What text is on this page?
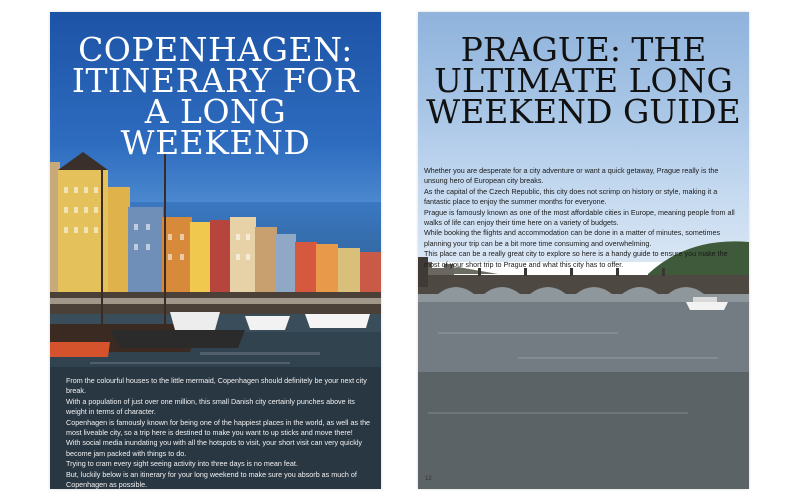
COPENHAGEN: ITINERARY FOR A LONG WEEKEND

From the colourful houses to the little mermaid, Copenhagen should definitely be your next city break.

With a population of just over one million, this small Danish city certainly punches above its weight in terms of character.

Copenhagen is famously known for being one of the happiest places in the world, as well as the most liveable city, so a trip here is destined to make you want to up sticks and move there!

With social media inundating you with all the hotspots to visit, your short visit can very quickly become jam packed with things to do.

Trying to cram every sight seeing activity into three days is no mean feat.

But, luckily below is an itinerary for your long weekend to make sure you absorb as much of Copenhagen as possible.

PRAGUE: THE ULTIMATE LONG WEEKEND GUIDE

Whether you are desperate for a city adventure or want a quick getaway, Prague really is the unsung hero of European city breaks.

As the capital of the Czech Republic, this city does not scrimp on history or style, making it a fantastic place to enjoy the summer months for everyone.

Prague is famously known as one of the most affordable cities in Europe, meaning people from all walks of life can enjoy their time here on a variety of budgets.

While booking the flights and accommodation can be done in a matter of minutes, sometimes planning your trip can be a bit more time consuming and overwhelming.

This place can be a really great city to explore so here is a handy guide to ensure you make the most of your short trip to Prague and what this city has to offer.

12
